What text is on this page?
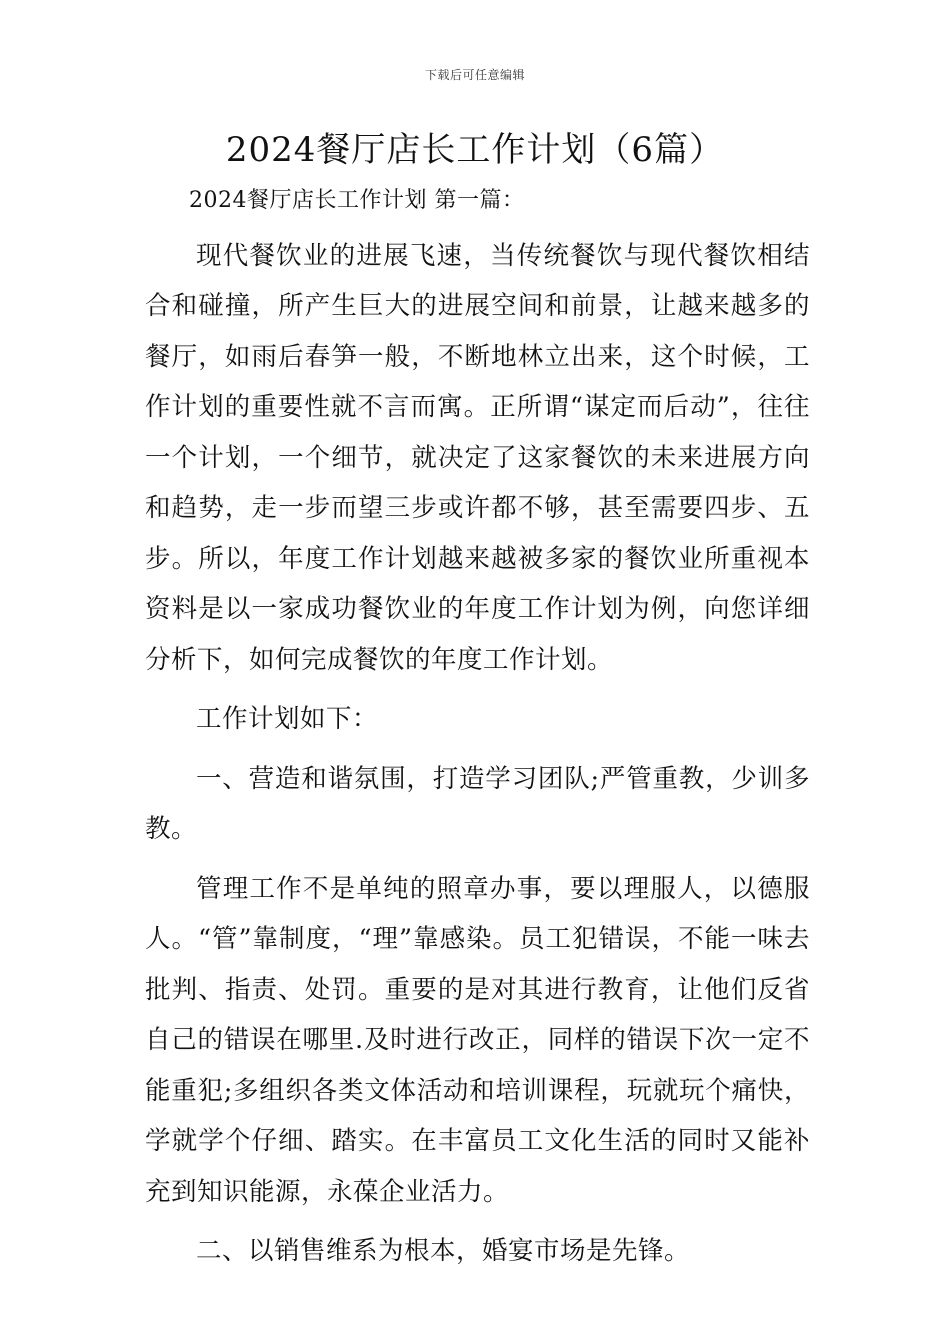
下载后可任意编辑
2024餐厅店长工作计划（6篇）

2024餐厅店长工作计划 第一篇：

现代餐饮业的进展飞速，当传统餐饮与现代餐饮相结合和碰撞，所产生巨大的进展空间和前景，让越来越多的餐厅，如雨后春笋一般，不断地林立出来，这个时候，工作计划的重要性就不言而寓。正所谓“谋定而后动”，往往一个计划，一个细节，就决定了这家餐饮的未来进展方向和趋势，走一步而望三步或许都不够，甚至需要四步、五步。所以，年度工作计划越来越被多家的餐饮业所重视本资料是以一家成功餐饮业的年度工作计划为例，向您详细分析下，如何完成餐饮的年度工作计划。

工作计划如下：

一、营造和谐氛围，打造学习团队;严管重教，少训多教。

管理工作不是单纯的照章办事，要以理服人，以德服人。“管”靠制度，“理”靠感染。员工犯错误，不能一味去批判、指责、处罚。重要的是对其进行教育，让他们反省自己的错误在哪里.及时进行改正，同样的错误下次一定不能重犯;多组织各类文体活动和培训课程，玩就玩个痛快，学就学个仔细、踏实。在丰富员工文化生活的同时又能补充到知识能源，永葆企业活力。

二、以销售维系为根本，婚宴市场是先锋。
